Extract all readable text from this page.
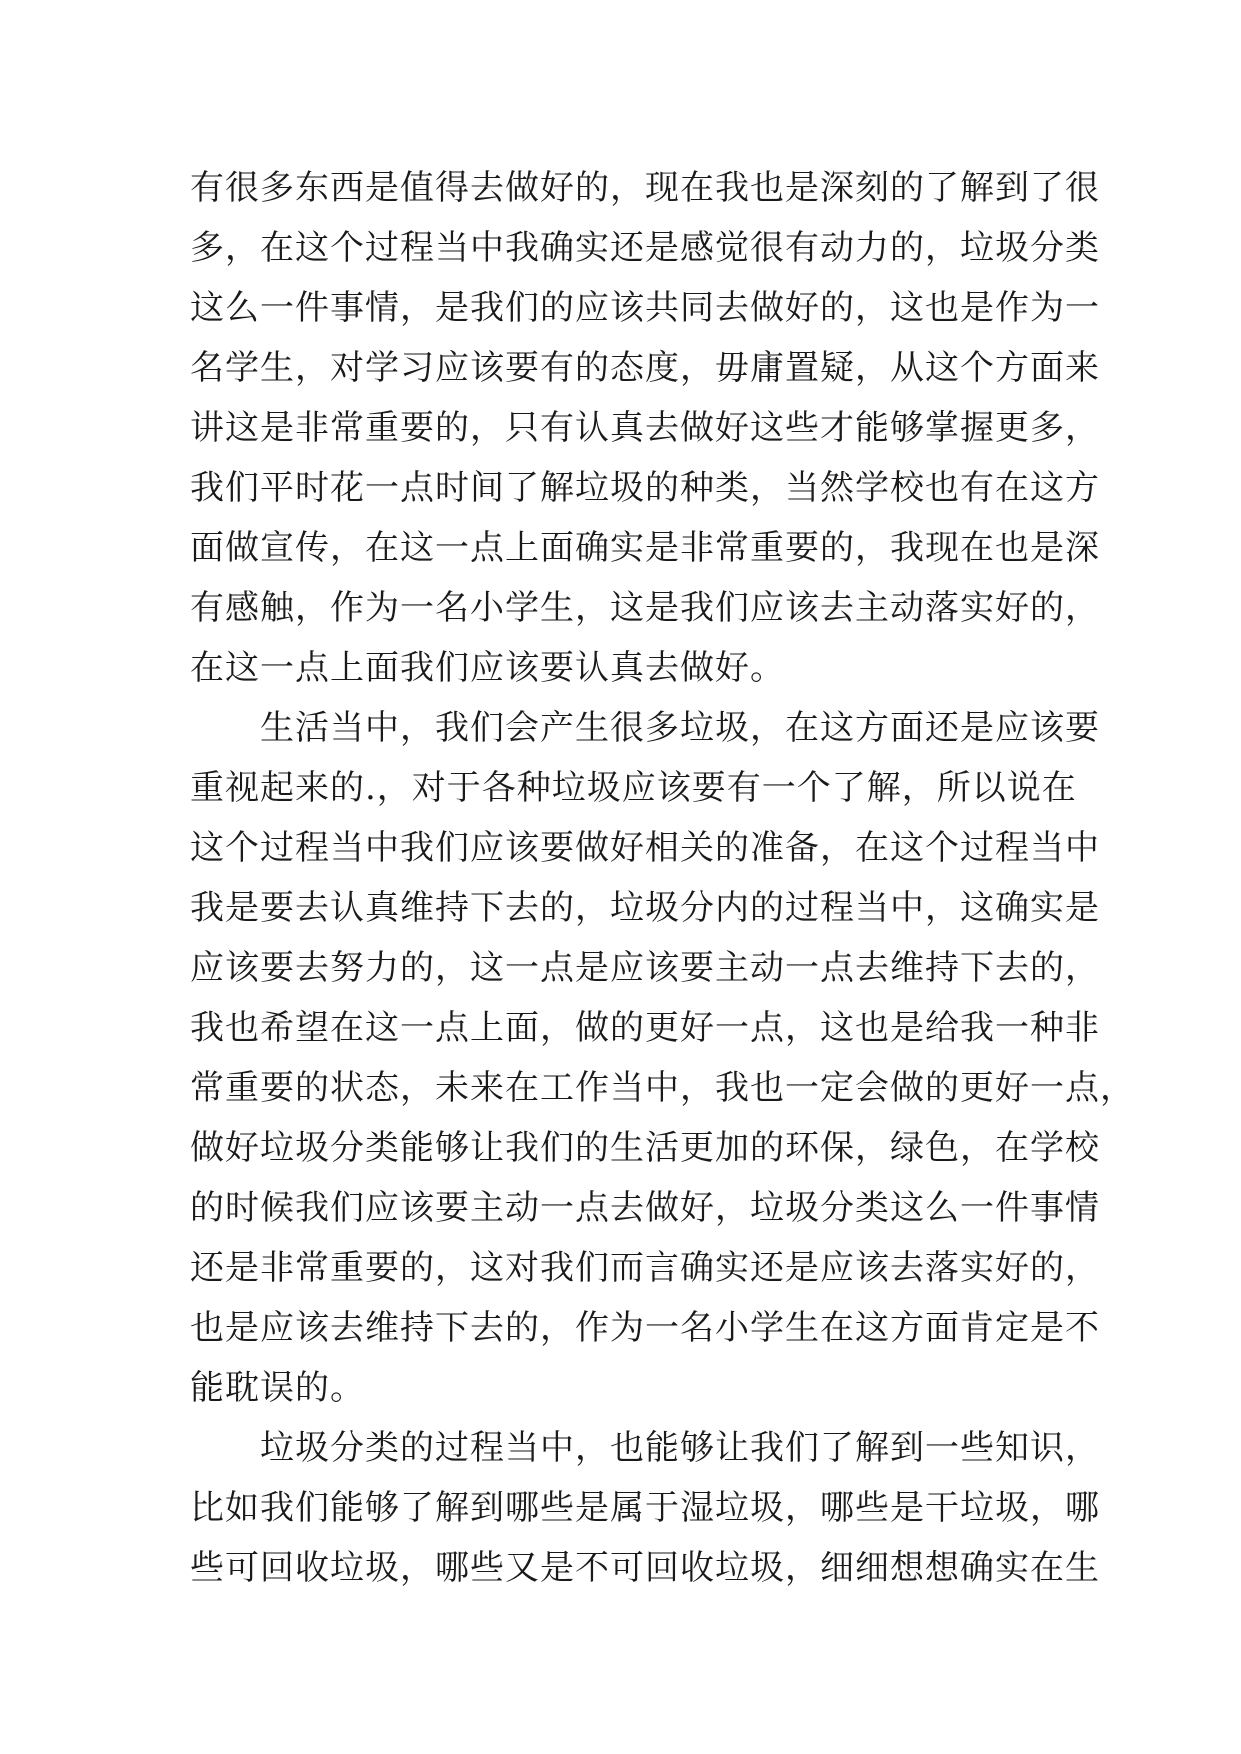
有很多东西是值得去做好的，现在我也是深刻的了解到了很
多，在这个过程当中我确实还是感觉很有动力的，垃圾分类
这么一件事情，是我们的应该共同去做好的，这也是作为一
名学生，对学习应该要有的态度，毋庸置疑，从这个方面来
讲这是非常重要的，只有认真去做好这些才能够掌握更多，
我们平时花一点时间了解垃圾的种类，当然学校也有在这方
面做宣传，在这一点上面确实是非常重要的，我现在也是深
有感触，作为一名小学生，这是我们应该去主动落实好的，
在这一点上面我们应该要认真去做好。
生活当中，我们会产生很多垃圾，在这方面还是应该要
重视起来的.，对于各种垃圾应该要有一个了解，所以说在
这个过程当中我们应该要做好相关的准备，在这个过程当中
我是要去认真维持下去的，垃圾分内的过程当中，这确实是
应该要去努力的，这一点是应该要主动一点去维持下去的，
我也希望在这一点上面，做的更好一点，这也是给我一种非
常重要的状态，未来在工作当中，我也一定会做的更好一点，
做好垃圾分类能够让我们的生活更加的环保，绿色，在学校
的时候我们应该要主动一点去做好，垃圾分类这么一件事情
还是非常重要的，这对我们而言确实还是应该去落实好的，
也是应该去维持下去的，作为一名小学生在这方面肯定是不
能耽误的。
垃圾分类的过程当中，也能够让我们了解到一些知识，
比如我们能够了解到哪些是属于湿垃圾，哪些是干垃圾，哪
些可回收垃圾，哪些又是不可回收垃圾，细细想想确实在生
